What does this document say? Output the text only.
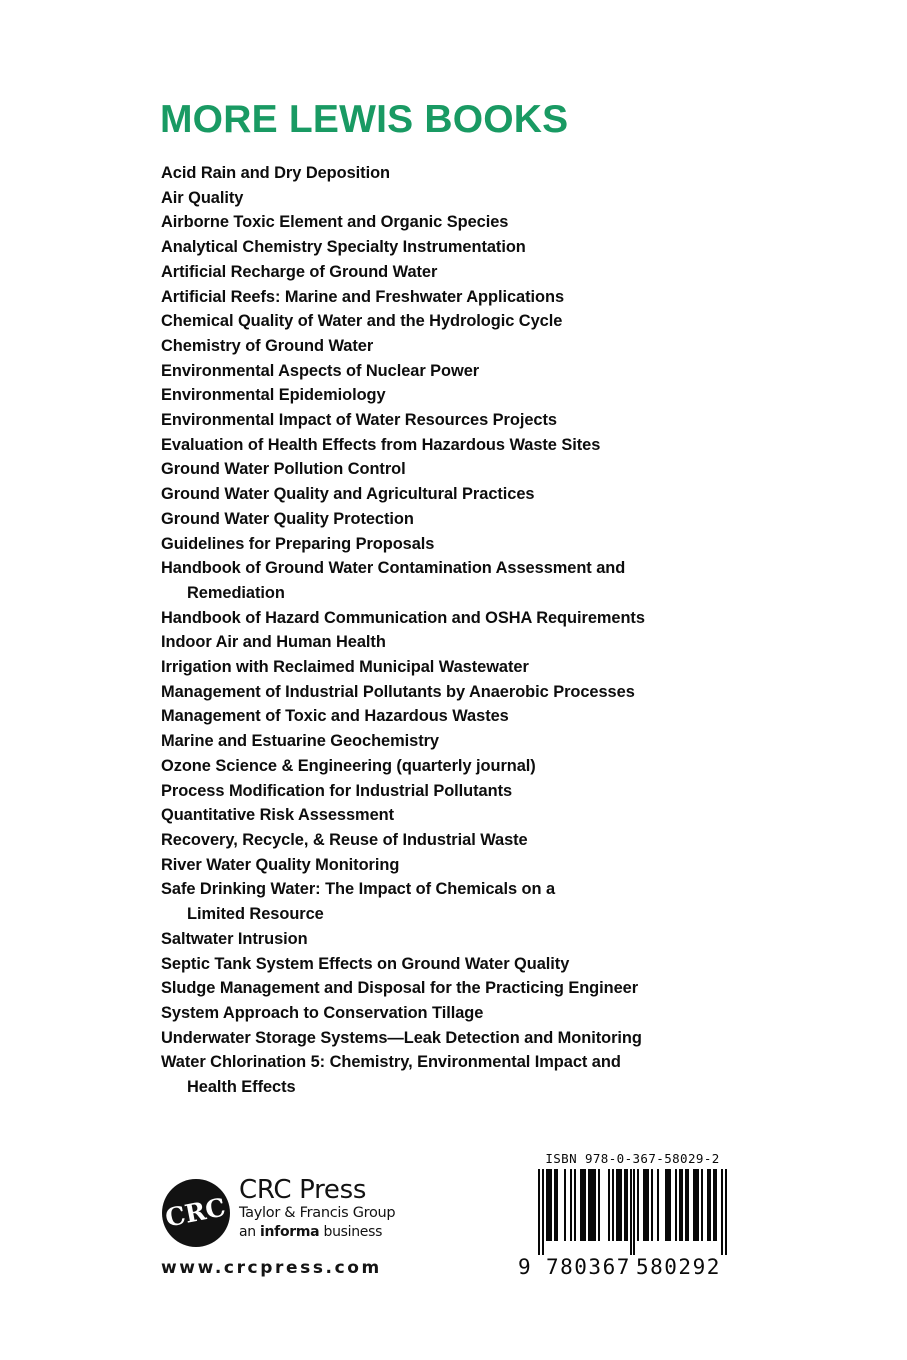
MORE LEWIS BOOKS
Acid Rain and Dry Deposition
Air Quality
Airborne Toxic Element and Organic Species
Analytical Chemistry Specialty Instrumentation
Artificial Recharge of Ground Water
Artificial Reefs: Marine and Freshwater Applications
Chemical Quality of Water and the Hydrologic Cycle
Chemistry of Ground Water
Environmental Aspects of Nuclear Power
Environmental Epidemiology
Environmental Impact of Water Resources Projects
Evaluation of Health Effects from Hazardous Waste Sites
Ground Water Pollution Control
Ground Water Quality and Agricultural Practices
Ground Water Quality Protection
Guidelines for Preparing Proposals
Handbook of Ground Water Contamination Assessment and
Remediation
Handbook of Hazard Communication and OSHA Requirements
Indoor Air and Human Health
Irrigation with Reclaimed Municipal Wastewater
Management of Industrial Pollutants by Anaerobic Processes
Management of Toxic and Hazardous Wastes
Marine and Estuarine Geochemistry
Ozone Science & Engineering (quarterly journal)
Process Modification for Industrial Pollutants
Quantitative Risk Assessment
Recovery, Recycle, & Reuse of Industrial Waste
River Water Quality Monitoring
Safe Drinking Water: The Impact of Chemicals on a
Limited Resource
Saltwater Intrusion
Septic Tank System Effects on Ground Water Quality
Sludge Management and Disposal for the Practicing Engineer
System Approach to Conservation Tillage
Underwater Storage Systems—Leak Detection and Monitoring
Water Chlorination 5: Chemistry, Environmental Impact and
Health Effects
CRC
CRC Press
Taylor & Francis Group
an informa business
www.crcpress.com
ISBN 978-0-367-58029-2
9 780367 580292
